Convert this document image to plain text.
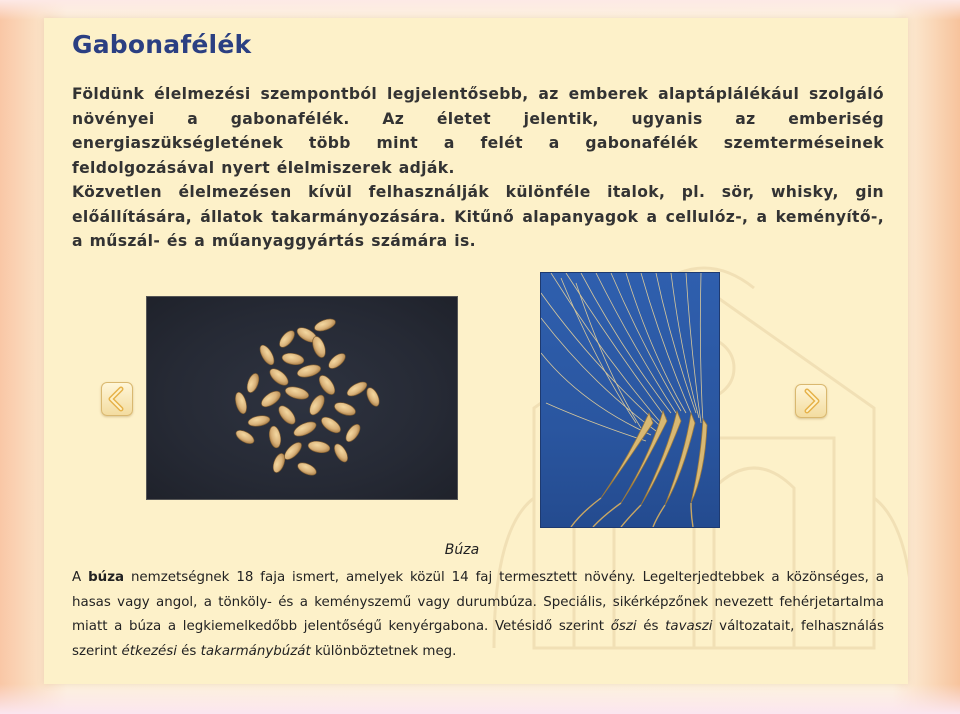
Gabonafélék

Földünk élelmezési szempontból legjelentősebb, az emberek alaptáplálékául szolgáló növényei a gabonafélék. Az életet jelentik, ugyanis az emberiség energiaszükségletének több mint a felét a gabonafélék szemterméseinek feldolgozásával nyert élelmiszerek adják.

Közvetlen élelmezésen kívül felhasználják különféle italok, pl. sör, whisky, gin előállítására, állatok takarmányozására. Kitűnő alapanyagok a cellulóz-, a keményítő-, a műszál- és a műanyaggyártás számára is.

Búza
A búza nemzetségnek 18 faja ismert, amelyek közül 14 faj termesztett növény. Legelterjedtebbek a közönséges, a hasas vagy angol, a tönköly- és a keményszemű vagy durumbúza. Speciális, sikérképzőnek nevezett fehérjetartalma miatt a búza a legkiemelkedőbb jelentőségű kenyérgabona. Vetésidő szerint őszi és tavaszi változatait, felhasználás szerint étkezési és takarmánybúzát különböztetnek meg.
